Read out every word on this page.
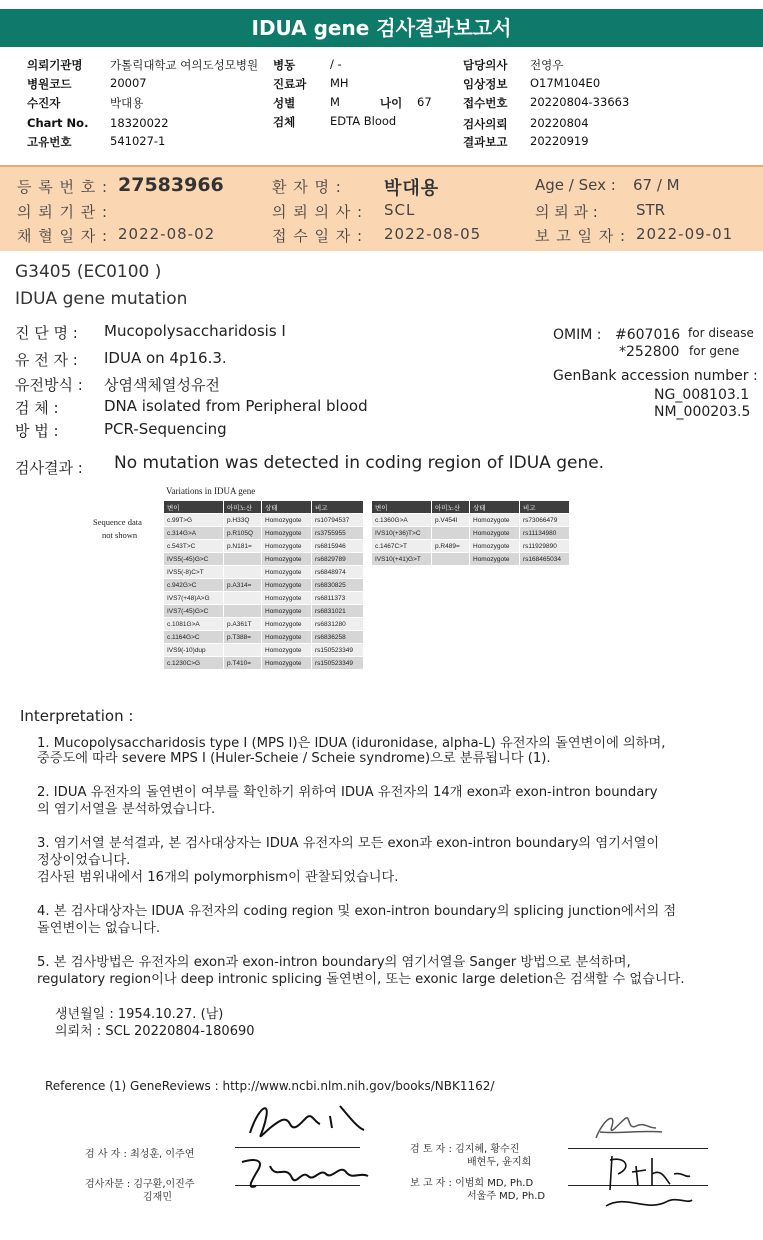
IDUA gene 검사결과보고서
의뢰기관명 가톨릭대학교 여의도성모병원
병원코드	20007
수진자	박대용
Chart No. 18320022
고유번호	541027-1
병동	/ -
진료과 MH
성별	M	나이 67
검체	EDTA Blood
담당의사 전영우
임상정보 O17M104E0
접수번호 20220804-33663
검사의뢰 20220804
결과보고 20220919
등 록 번 호 : 27583966	환 자 명 : 박대용	Age / Sex : 67 / M
의 뢰 기 관 :	의 뢰 의 사 : SCL	의 뢰 과 :	STR
채 혈 일 자 : 2022-08-02	접 수 일 자 : 2022-08-05	보 고 일 자 : 2022-09-01
G3405 (EC0100 )
IDUA gene mutation
진 단 명 : Mucopolysaccharidosis I
유 전 자 : IDUA on 4p16.3.
유전방식 : 상염색체열성유전
검 체 :	DNA isolated from Peripheral blood
방 법 :	PCR-Sequencing
OMIM : #607016 for disease
*252800 for gene
GenBank accession number :
NG_008103.1
NM_000203.5
검사결과 : No mutation was detected in coding region of IDUA gene.
Variations in IDUA gene
Sequence data
not shown
변이	아미노산	상태	비고
c.99T>G	p.H33Q	Homozygote	rs10794537
c.314G>A	p.R105Q	Homozygote	rs3755955
c.543T>C	p.N181=	Homozygote	rs6815946
IVS5(-45)G>C		Homozygote	rs6829789
IVS5(-8)C>T		Homozygote	rs6848974
c.942G>C	p.A314=	Homozygote	rs6830825
IVS7(+48)A>G		Homozygote	rs6811373
IVS7(-45)G>C		Homozygote	rs6831021
c.1081G>A	p.A361T	Homozygote	rs6831280
c.1164G>C	p.T388=	Homozygote	rs6836258
IVS9(-10)dup		Homozygote	rs150523349
c.1230C>G	p.T410=	Homozygote	rs150523349
변이	아미노산	상태	비고
c.1360G>A	p.V454I	Homozygote	rs73066479
IVS10(+36)T>C		Homozygote	rs11134980
c.1467C>T	p.R489=	Homozygote	rs11929890
IVS10(+41)G>T		Homozygote	rs168465034
Interpretation :
1. Mucopolysaccharidosis type I (MPS I)은 IDUA (iduronidase, alpha-L) 유전자의 돌연변이에 의하며,
중증도에 따라 severe MPS I (Huler-Scheie / Scheie syndrome)으로 분류됩니다 (1).
2. IDUA 유전자의 돌연변이 여부를 확인하기 위하여 IDUA 유전자의 14개 exon과 exon-intron boundary
의 염기서열을 분석하였습니다.
3. 염기서열 분석결과, 본 검사대상자는 IDUA 유전자의 모든 exon과 exon-intron boundary의 염기서열이
정상이었습니다.
검사된 범위내에서 16개의 polymorphism이 관찰되었습니다.
4. 본 검사대상자는 IDUA 유전자의 coding region 및 exon-intron boundary의 splicing junction에서의 점
돌연변이는 없습니다.
5. 본 검사방법은 유전자의 exon과 exon-intron boundary의 염기서열을 Sanger 방법으로 분석하며,
regulatory region이나 deep intronic splicing 돌연변이, 또는 exonic large deletion은 검색할 수 없습니다.
생년월일 : 1954.10.27. (남)
의뢰처 : SCL 20220804-180690
Reference (1) GeneReviews : http://www.ncbi.nlm.nih.gov/books/NBK1162/
검 사 자 : 최성훈, 이주연
검사자문 : 김구환,이진주
김재민
검 토 자 : 김지혜, 황수진
배현두, 윤지희
보 고 자 : 이범희 MD, Ph.D
서울주 MD, Ph.D
